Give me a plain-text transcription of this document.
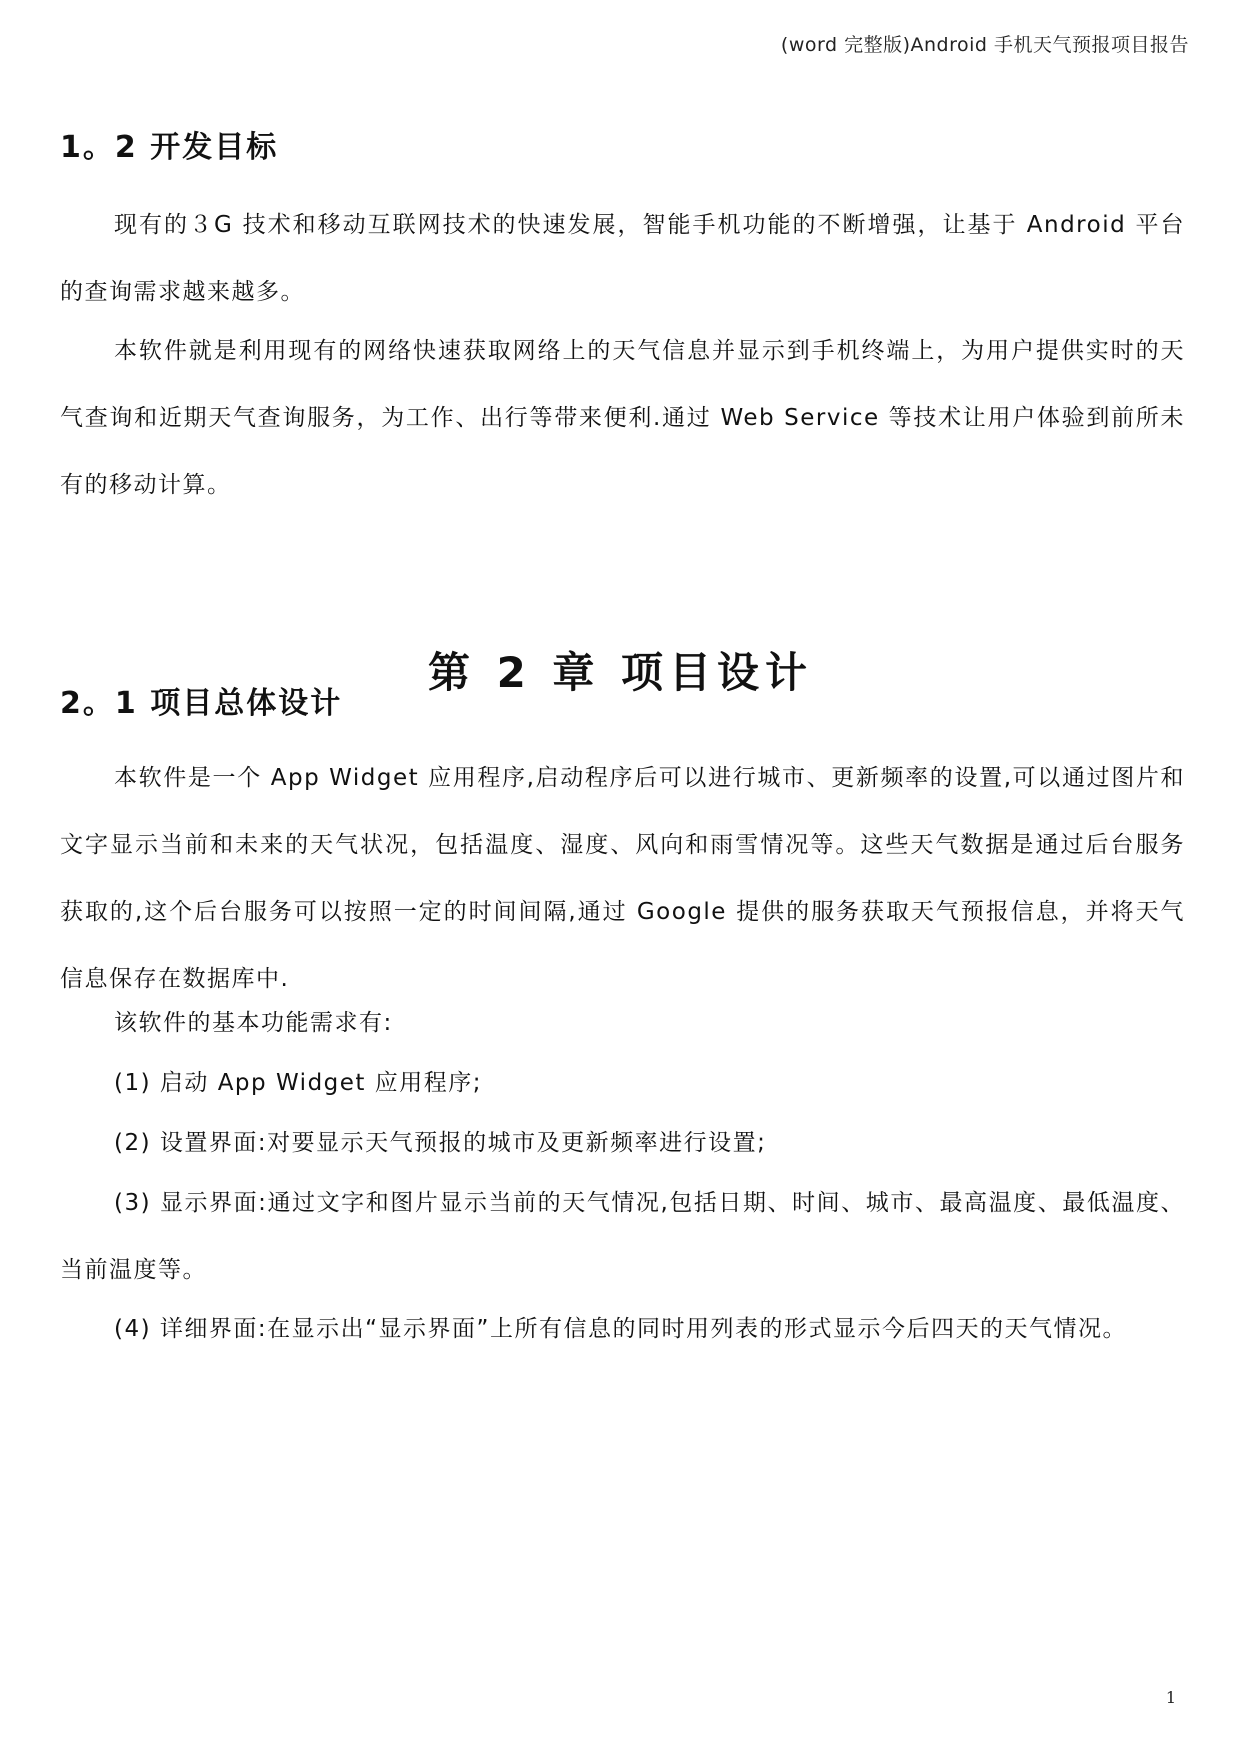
(word 完整版)Android 手机天气预报项目报告
1。2 开发目标

现有的３G 技术和移动互联网技术的快速发展，智能手机功能的不断增强，让基于 Android 平台的查询需求越来越多。

本软件就是利用现有的网络快速获取网络上的天气信息并显示到手机终端上，为用户提供实时的天气查询和近期天气查询服务，为工作、出行等带来便利.通过 Web Service 等技术让用户体验到前所未有的移动计算。

第 2 章 项目设计
2。1 项目总体设计

本软件是一个 App Widget 应用程序,启动程序后可以进行城市、更新频率的设置,可以通过图片和文字显示当前和未来的天气状况，包括温度、湿度、风向和雨雪情况等。这些天气数据是通过后台服务获取的,这个后台服务可以按照一定的时间间隔,通过 Google 提供的服务获取天气预报信息，并将天气信息保存在数据库中.

该软件的基本功能需求有:

(1) 启动 App Widget 应用程序;

(2) 设置界面:对要显示天气预报的城市及更新频率进行设置;

(3) 显示界面:通过文字和图片显示当前的天气情况,包括日期、时间、城市、最高温度、最低温度、当前温度等。

(4) 详细界面:在显示出“显示界面”上所有信息的同时用列表的形式显示今后四天的天气情况。

1
